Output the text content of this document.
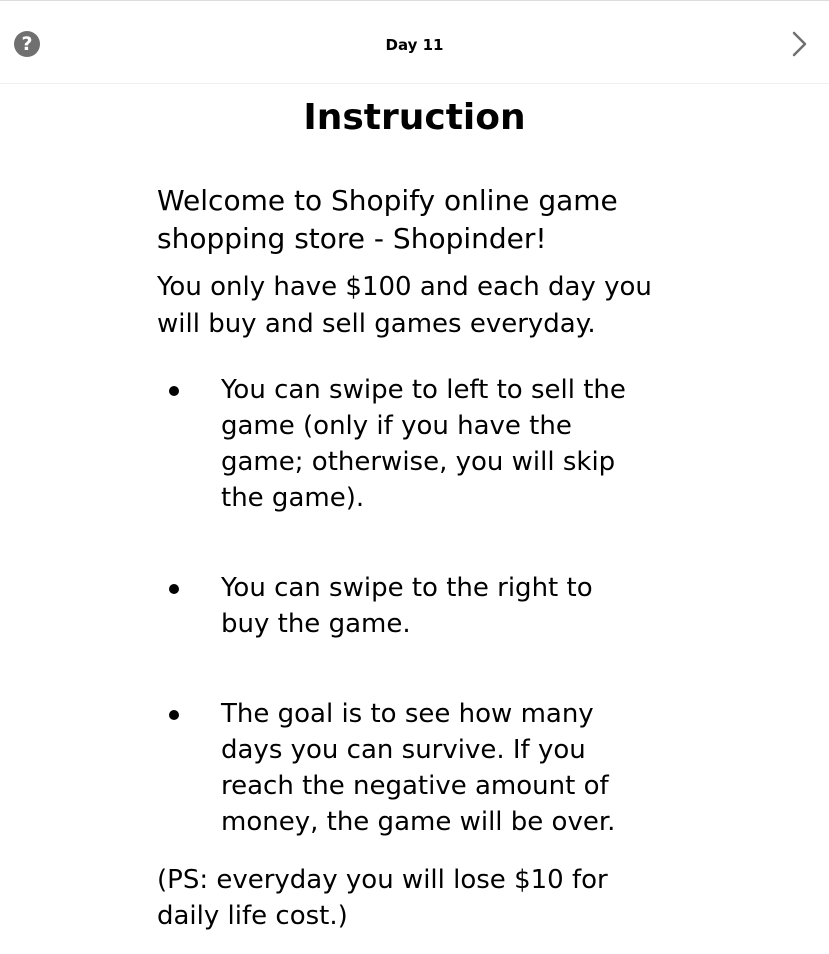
?	Day 11
Instruction

Welcome to Shopify online game shopping store - Shopinder!

You only have $100 and each day you will buy and sell games everyday.

You can swipe to left to sell the game (only if you have the game; otherwise, you will skip the game).
You can swipe to the right to buy the game.
The goal is to see how many days you can survive. If you reach the negative amount of money, the game will be over.

(PS: everyday you will lose $10 for daily life cost.)
